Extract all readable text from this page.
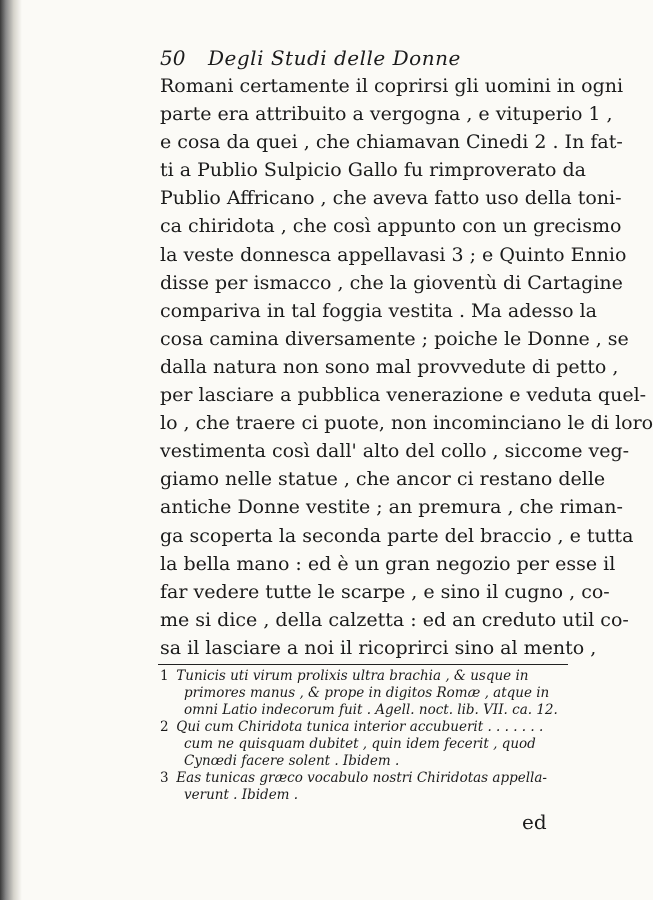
50 Degli Studi delle Donne
Romani certamente il coprirsi gli uomini in ogni
parte era attribuito a vergogna , e vituperio 1 ,
e cosa da quei , che chiamavan Cinedi 2 . In fat-
ti a Publio Sulpicio Gallo fu rimproverato da
Publio Affricano , che aveva fatto uso della toni-
ca chiridota , che così appunto con un grecismo
la veste donnesca appellavasi 3 ; e Quinto Ennio
disse per ismacco , che la gioventù di Cartagine
compariva in tal foggia vestita . Ma adesso la
cosa camina diversamente ; poiche le Donne , se
dalla natura non sono mal provvedute di petto ,
per lasciare a pubblica venerazione e veduta quel-
lo , che traere ci puote, non incominciano le di loro
vestimenta così dall' alto del collo , siccome veg-
giamo nelle statue , che ancor ci restano delle
antiche Donne vestite ; an premura , che riman-
ga scoperta la seconda parte del braccio , e tutta
la bella mano : ed è un gran negozio per esse il
far vedere tutte le scarpe , e sino il cugno , co-
me si dice , della calzetta : ed an creduto util co-
sa il lasciare a noi il ricoprirci sino al mento ,
1 Tunicis uti virum prolixis ultra brachia , & usque in
primores manus , & prope in digitos Romæ , atque in
omni Latio indecorum fuit . Agell. noct. lib. VII. ca. 12.
2 Qui cum Chiridota tunica interior accubuerit . . . . . . .
cum ne quisquam dubitet , quin idem fecerit , quod
Cynœdi facere solent . Ibidem .
3 Eas tunicas græco vocabulo nostri Chiridotas appella-
verunt . Ibidem .
ed
